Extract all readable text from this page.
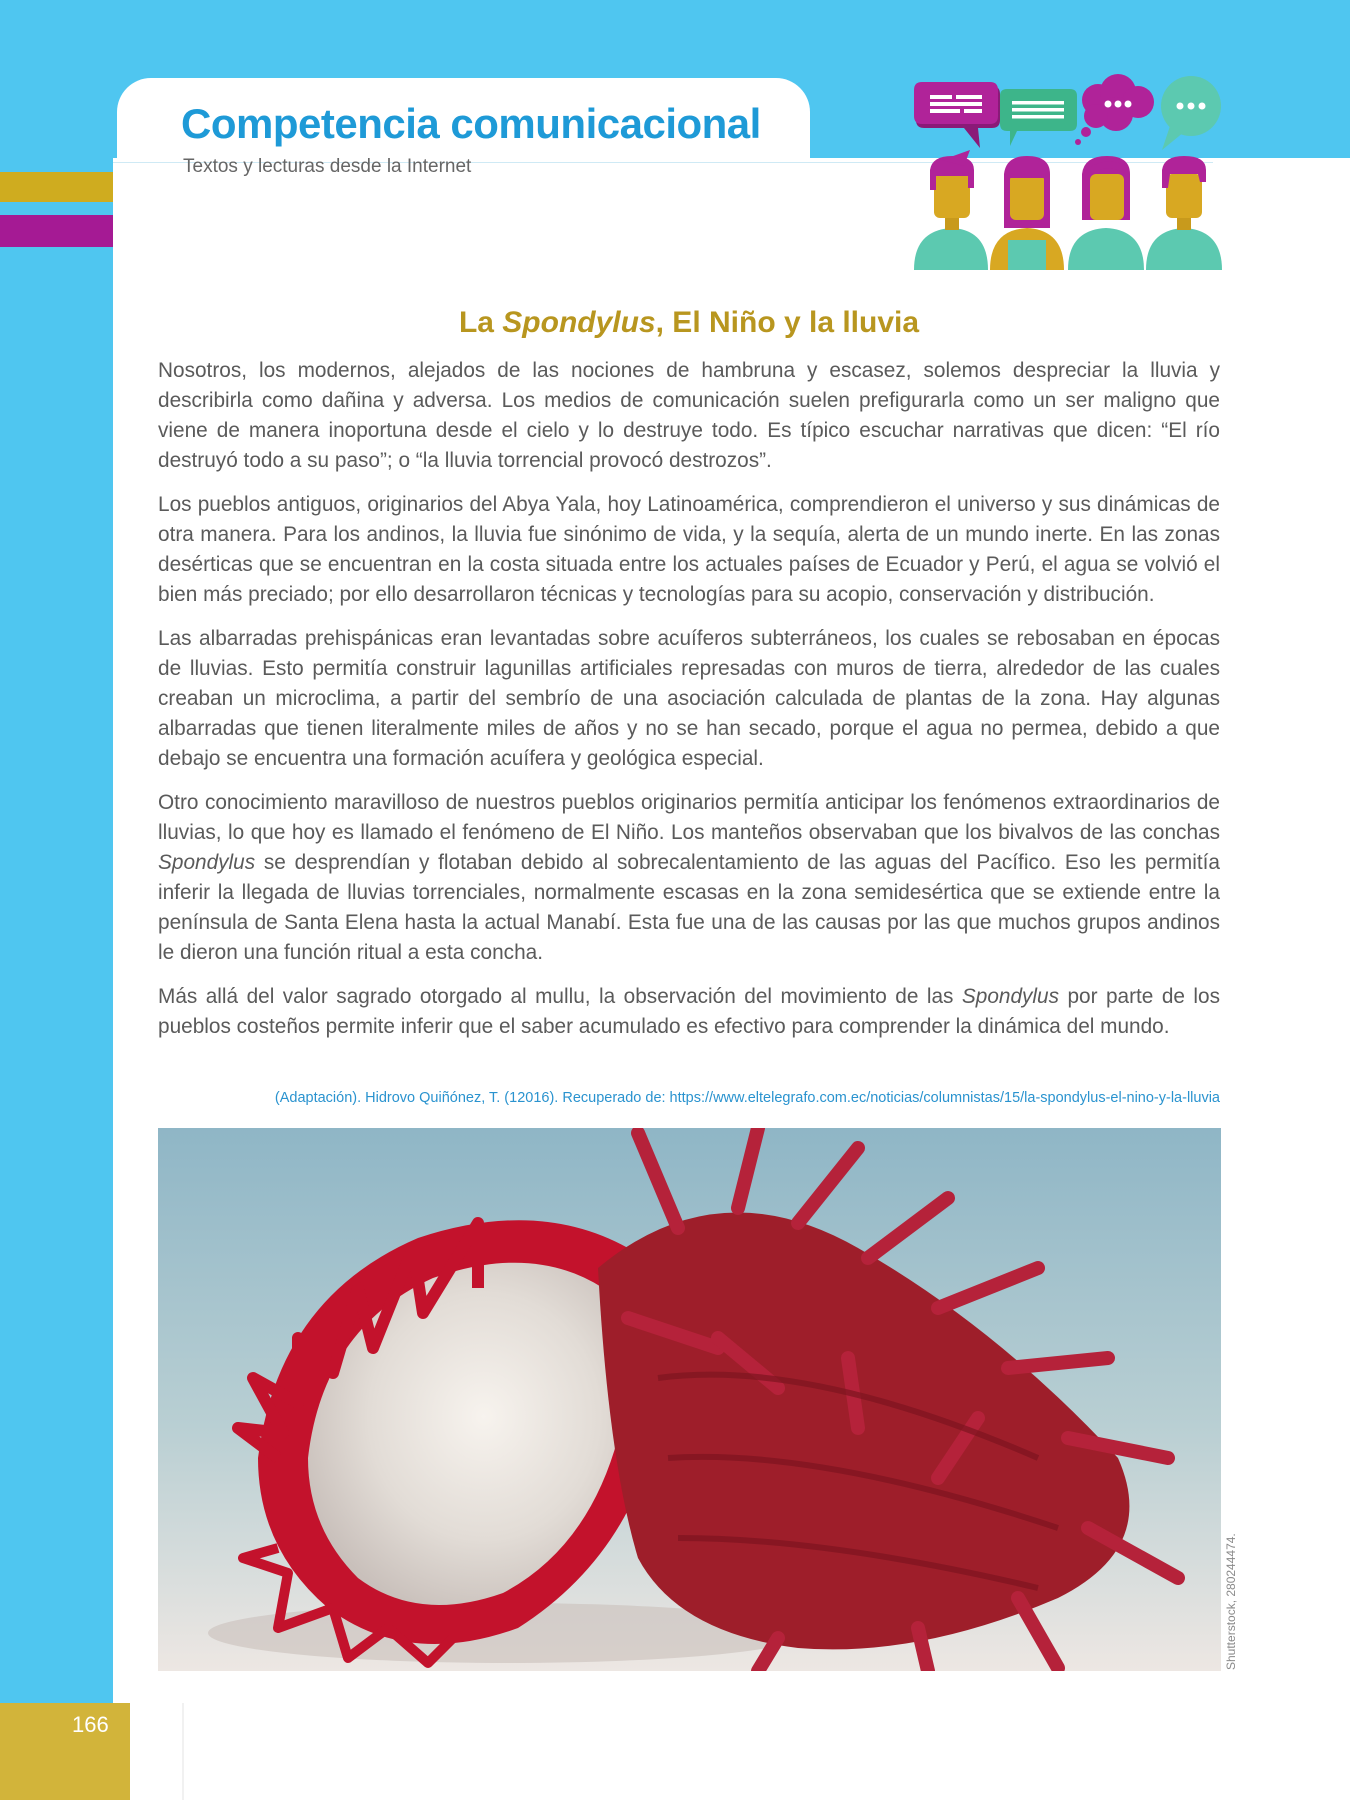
Competencia comunicacional
Textos y lecturas desde la Internet
La Spondylus, El Niño y la lluvia

Nosotros, los modernos, alejados de las nociones de hambruna y escasez, solemos despreciar la lluvia y describirla como dañina y adversa. Los medios de comunicación suelen prefigurarla como un ser maligno que viene de manera inoportuna desde el cielo y lo destruye todo. Es típico escuchar narrativas que dicen: “El río destruyó todo a su paso”; o “la lluvia torrencial provocó destrozos”.

Los pueblos antiguos, originarios del Abya Yala, hoy Latinoamérica, comprendieron el universo y sus dinámicas de otra manera. Para los andinos, la lluvia fue sinónimo de vida, y la sequía, alerta de un mundo inerte. En las zonas desérticas que se encuentran en la costa situada entre los actuales países de Ecuador y Perú, el agua se volvió el bien más preciado; por ello desarrollaron técnicas y tecnologías para su acopio, conservación y distribución.

Las albarradas prehispánicas eran levantadas sobre acuíferos subterráneos, los cuales se rebosaban en épocas de lluvias. Esto permitía construir lagunillas artificiales represadas con muros de tierra, alrededor de las cuales creaban un microclima, a partir del sembrío de una asociación calculada de plantas de la zona. Hay algunas albarradas que tienen literalmente miles de años y no se han secado, porque el agua no permea, debido a que debajo se encuentra una formación acuífera y geológica especial.

Otro conocimiento maravilloso de nuestros pueblos originarios permitía anticipar los fenómenos extraordinarios de lluvias, lo que hoy es llamado el fenómeno de El Niño. Los manteños observaban que los bivalvos de las conchas Spondylus se desprendían y flotaban debido al sobrecalentamiento de las aguas del Pacífico. Eso les permitía inferir la llegada de lluvias torrenciales, normalmente escasas en la zona semidesértica que se extiende entre la península de Santa Elena hasta la actual Manabí. Esta fue una de las causas por las que muchos grupos andinos le dieron una función ritual a esta concha.

Más allá del valor sagrado otorgado al mullu, la observación del movimiento de las Spondylus por parte de los pueblos costeños permite inferir que el saber acumulado es efectivo para comprender la dinámica del mundo.

(Adaptación). Hidrovo Quiñónez, T. (12016). Recuperado de: https://www.eltelegrafo.com.ec/noticias/columnistas/15/la-spondylus-el-nino-y-la-lluvia
Shutterstock, 280244474.
166
